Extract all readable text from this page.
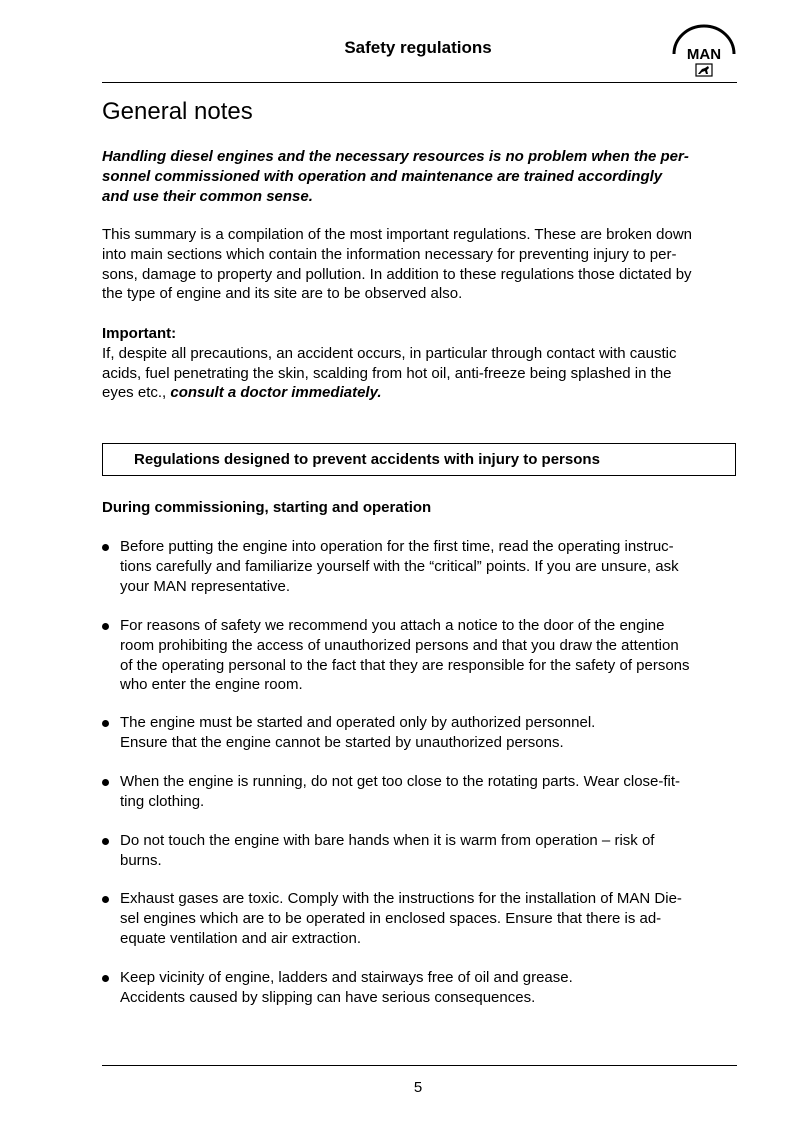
Safety regulations	MAN
General notes
Handling diesel engines and the necessary resources is no problem when the per-
sonnel commissioned with operation and maintenance are trained accordingly
and use their common sense.
This summary is a compilation of the most important regulations. These are broken down
into main sections which contain the information necessary for preventing injury to per-
sons, damage to property and pollution. In addition to these regulations those dictated by
the type of engine and its site are to be observed also.
Important:
If, despite all precautions, an accident occurs, in particular through contact with caustic
acids, fuel penetrating the skin, scalding from hot oil, anti-freeze being splashed in the
eyes etc., consult a doctor immediately.
Regulations designed to prevent accidents with injury to persons
During commissioning, starting and operation
Before putting the engine into operation for the first time, read the operating instruc-
tions carefully and familiarize yourself with the “critical” points. If you are unsure, ask
your MAN representative.
For reasons of safety we recommend you attach a notice to the door of the engine
room prohibiting the access of unauthorized persons and that you draw the attention
of the operating personal to the fact that they are responsible for the safety of persons
who enter the engine room.
The engine must be started and operated only by authorized personnel.
Ensure that the engine cannot be started by unauthorized persons.
When the engine is running, do not get too close to the rotating parts. Wear close-fit-
ting clothing.
Do not touch the engine with bare hands when it is warm from operation – risk of
burns.
Exhaust gases are toxic. Comply with the instructions for the installation of MAN Die-
sel engines which are to be operated in enclosed spaces. Ensure that there is ad-
equate ventilation and air extraction.
Keep vicinity of engine, ladders and stairways free of oil and grease.
Accidents caused by slipping can have serious consequences.
5
